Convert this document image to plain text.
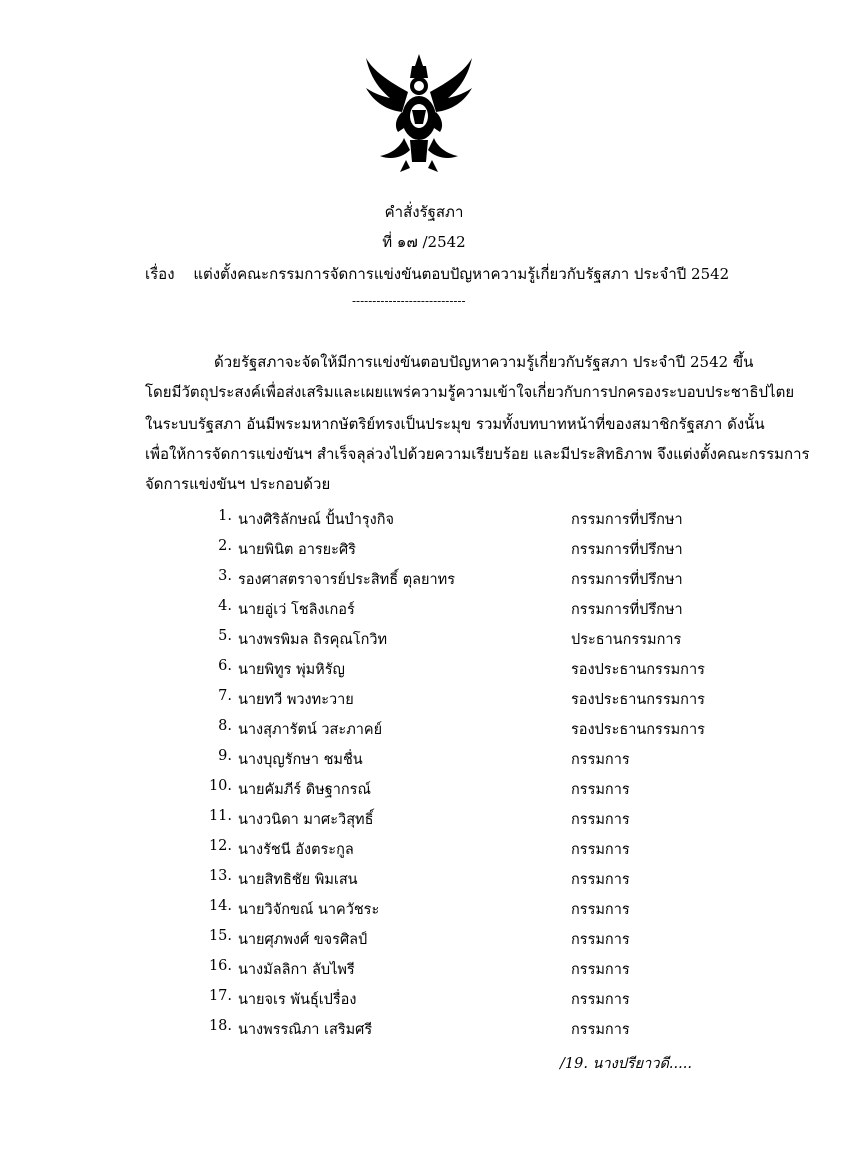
คำสั่งรัฐสภา
ที่ ๑๗ /2542
เรื่อง แต่งตั้งคณะกรรมการจัดการแข่งขันตอบปัญหาความรู้เกี่ยวกับรัฐสภา ประจำปี 2542
----------------------------
ด้วยรัฐสภาจะจัดให้มีการแข่งขันตอบปัญหาความรู้เกี่ยวกับรัฐสภา ประจำปี 2542 ขึ้น
โดยมีวัตถุประสงค์เพื่อส่งเสริมและเผยแพร่ความรู้ความเข้าใจเกี่ยวกับการปกครองระบอบประชาธิปไตย
ในระบบรัฐสภา อันมีพระมหากษัตริย์ทรงเป็นประมุข รวมทั้งบทบาทหน้าที่ของสมาชิกรัฐสภา ดังนั้น
เพื่อให้การจัดการแข่งขันฯ สำเร็จลุล่วงไปด้วยความเรียบร้อย และมีประสิทธิภาพ จึงแต่งตั้งคณะกรรมการ
จัดการแข่งขันฯ ประกอบด้วย
1. นางศิริลักษณ์ ปั้นบำรุงกิจ	กรรมการที่ปรึกษา
2. นายพินิต อารยะศิริ	กรรมการที่ปรึกษา
3. รองศาสตราจารย์ประสิทธิ์ ตุลยาทร	กรรมการที่ปรึกษา
4. นายอู่เว่ โชลิงเกอร์	กรรมการที่ปรึกษา
5. นางพรพิมล ถิรคุณโกวิท	ประธานกรรมการ
6. นายพิทูร พุ่มหิรัญ	รองประธานกรรมการ
7. นายทวี พวงทะวาย	รองประธานกรรมการ
8. นางสุภารัตน์ วสะภาคย์	รองประธานกรรมการ
9. นางบุญรักษา ชมชื่น	กรรมการ
10. นายคัมภีร์ ดิษฐากรณ์	กรรมการ
11. นางวนิดา มาศะวิสุทธิ์	กรรมการ
12. นางรัชนี อังตระกูล	กรรมการ
13. นายสิทธิชัย พิมเสน	กรรมการ
14. นายวิจักขณ์ นาควัชระ	กรรมการ
15. นายศุภพงศ์ ขจรศิลป์	กรรมการ
16. นางมัลลิกา ลับไพรี	กรรมการ
17. นายจเร พันธุ์เปรื่อง	กรรมการ
18. นางพรรณิภา เสริมศรี	กรรมการ
/19. นางปรียาวดี.....
